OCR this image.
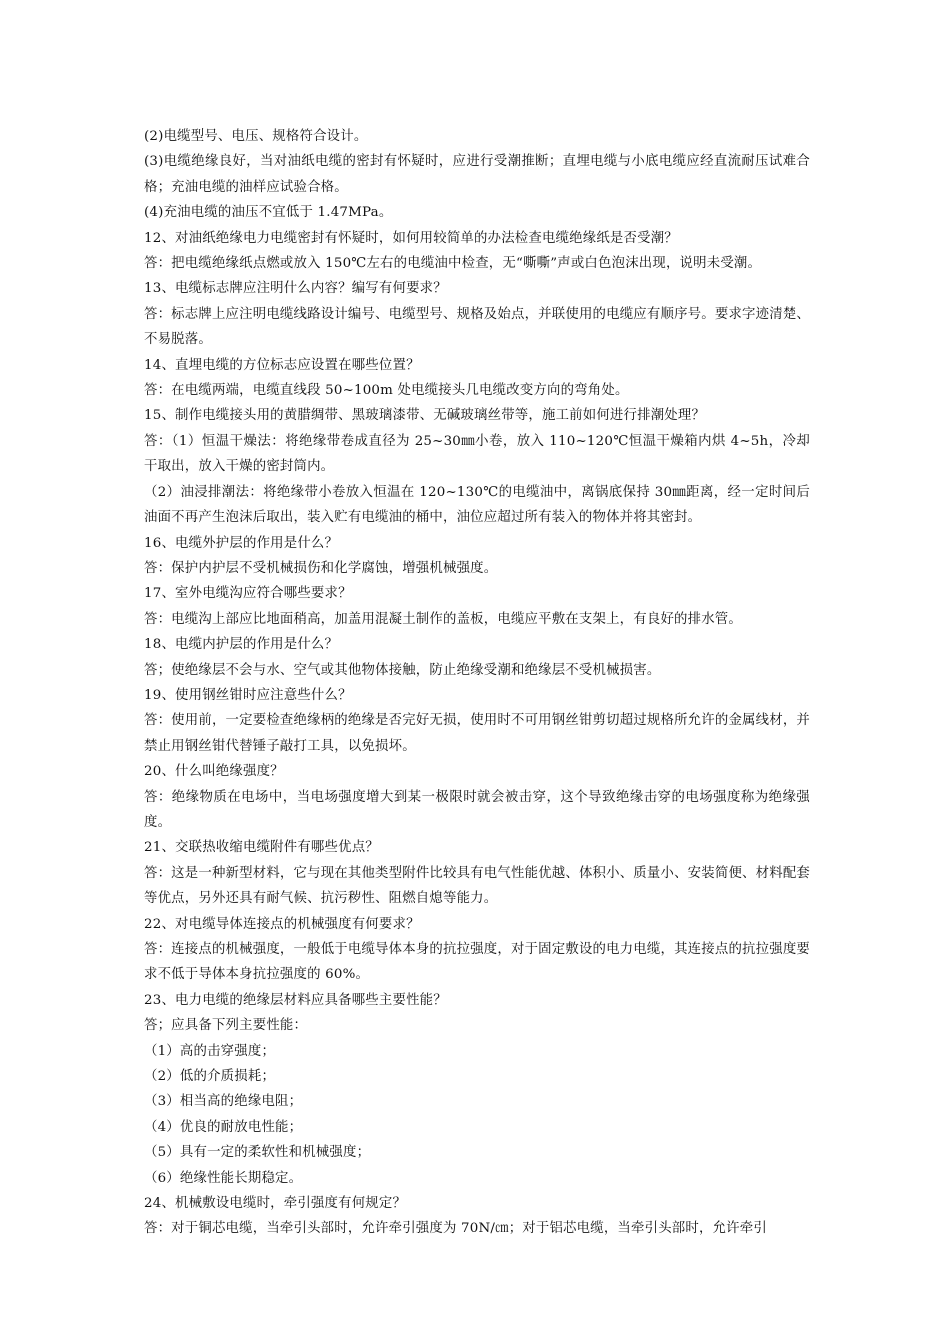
(2)电缆型号、电压、规格符合设计。
(3)电缆绝缘良好，当对油纸电缆的密封有怀疑时，应进行受潮推断；直埋电缆与小底电缆应经直流耐压试难合格；充油电缆的油样应试验合格。
(4)充油电缆的油压不宜低于 1.47MPa。
12、对油纸绝缘电力电缆密封有怀疑时，如何用较简单的办法检查电缆绝缘纸是否受潮？
答：把电缆绝缘纸点燃或放入 150℃左右的电缆油中检查，无“嘶嘶”声或白色泡沫出现，说明未受潮。
13、电缆标志牌应注明什么内容？编写有何要求？
答：标志牌上应注明电缆线路设计编号、电缆型号、规格及始点，并联使用的电缆应有顺序号。要求字迹清楚、不易脱落。
14、直埋电缆的方位标志应设置在哪些位置？
答：在电缆两端，电缆直线段 50~100m 处电缆接头几电缆改变方向的弯角处。
15、制作电缆接头用的黄腊绸带、黑玻璃漆带、无碱玻璃丝带等，施工前如何进行排潮处理？
答：（1）恒温干燥法：将绝缘带卷成直径为 25~30㎜小卷，放入 110~120℃恒温干燥箱内烘 4~5h，冷却干取出，放入干燥的密封筒内。
（2）油浸排潮法：将绝缘带小卷放入恒温在 120~130℃的电缆油中，离锅底保持 30㎜距离，经一定时间后油面不再产生泡沫后取出，装入贮有电缆油的桶中，油位应超过所有装入的物体并将其密封。
16、电缆外护层的作用是什么？
答：保护内护层不受机械损伤和化学腐蚀，增强机械强度。
17、室外电缆沟应符合哪些要求？
答：电缆沟上部应比地面稍高，加盖用混凝土制作的盖板，电缆应平敷在支架上，有良好的排水管。
18、电缆内护层的作用是什么？
答；使绝缘层不会与水、空气或其他物体接触，防止绝缘受潮和绝缘层不受机械损害。
19、使用钢丝钳时应注意些什么？
答：使用前，一定要检查绝缘柄的绝缘是否完好无损，使用时不可用钢丝钳剪切超过规格所允许的金属线材，并禁止用钢丝钳代替锤子敲打工具，以免损坏。
20、什么叫绝缘强度？
答：绝缘物质在电场中，当电场强度增大到某一极限时就会被击穿，这个导致绝缘击穿的电场强度称为绝缘强度。
21、交联热收缩电缆附件有哪些优点？
答：这是一种新型材料，它与现在其他类型附件比较具有电气性能优越、体积小、质量小、安装简便、材料配套等优点，另外还具有耐气候、抗污秽性、阻燃自熄等能力。
22、对电缆导体连接点的机械强度有何要求？
答：连接点的机械强度，一般低于电缆导体本身的抗拉强度，对于固定敷设的电力电缆，其连接点的抗拉强度要求不低于导体本身抗拉强度的 60%。
23、电力电缆的绝缘层材料应具备哪些主要性能？
答；应具备下列主要性能：
（1）高的击穿强度；
（2）低的介质损耗；
（3）相当高的绝缘电阻；
（4）优良的耐放电性能；
（5）具有一定的柔软性和机械强度；
（6）绝缘性能长期稳定。
24、机械敷设电缆时，牵引强度有何规定？
答：对于铜芯电缆，当牵引头部时，允许牵引强度为 70N/㎝；对于铝芯电缆，当牵引头部时，允许牵引
